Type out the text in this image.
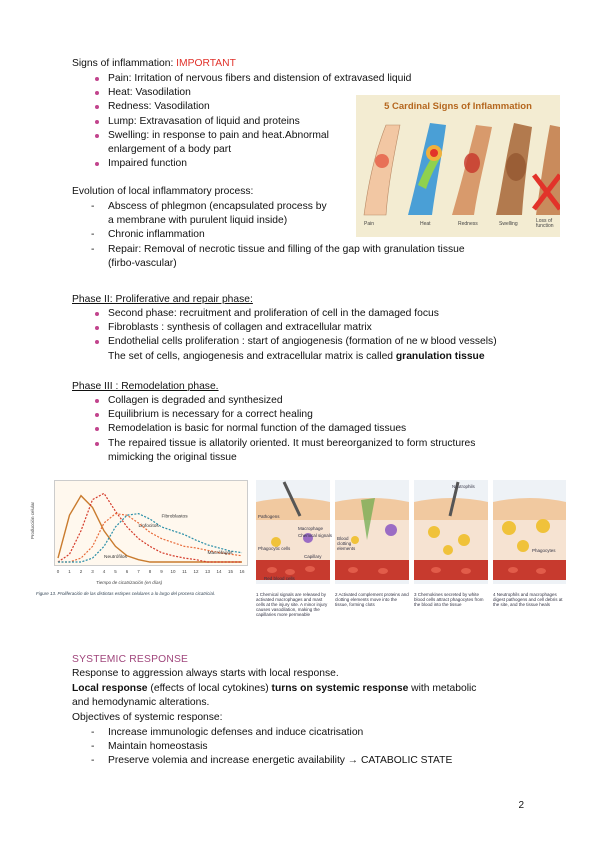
Signs of inflammation: IMPORTANT
Pain: Irritation of nervous fibers and distension of extravased liquid
Heat: Vasodilation
Redness: Vasodilation
Lump: Extravasation of liquid and proteins
Swelling: in response to pain and heat.Abnormal
enlargement of a body part
Impaired function
5 Cardinal Signs of Inflammation
Pain	Heat	Redness	Swelling	Loss of function
Evolution of local inflammatory process:
- Abscess of phlegmon (encapsulated process by
a membrane with purulent liquid inside)
- Chronic inflammation
- Repair: Removal of necrotic tissue and filling of the gap with granulation tissue
(firbo-vascular)
Phase II: Proliferative and repair phase:
Second phase: recruitment and proliferation of cell in the damaged focus
Fibroblasts : synthesis of collagen and extracellular matrix
Endothelial cells proliferation : start of angiogenesis (formation of ne w blood vessels)
The set of cells, angiogenesis and extracellular matrix is called granulation tissue
Phase III : Remodelation phase.
Collagen is degraded and synthesized
Equilibrium is necessary for a correct healing
Remodelation is basic for normal function of the damaged tissues
The repaired tissue is allatorily oriented. It must bereorganized to form structures
mimicking the original tissue
Producción celular
0 1 2 3 4 5 6 7 8 9 10 11 12 13 14 15 16
Fibroblastos
Linfocitos
Neutrófilos
Macrófagos
Tiempo de cicatrización (en días)
Figure 13. Proliferación de las distintas estirpes celulares a lo largo del proceso cicatricial.
Pathogens
Macrophage
Chemical signals
Phagocytic cells
Capillary
Red blood cells
Blood clotting elements
Neutrophils
Phagocytes
1 Chemical signals are released by activated macrophages and mast cells at the injury site. A minor injury causes vasodilation, making the capillaries more permeable
2 Activated complement proteins and clotting elements move into the tissue, forming clots
3 Chemokines secreted by white blood cells attract phagocytes from the blood into the tissue
4 Neutrophils and macrophages digest pathogens and cell debris at the site, and the tissue heals
SYSTEMIC RESPONSE
Response to aggression always starts with local response.
Local response (effects of local cytokines) turns on systemic response with metabolic
and hemodynamic alterations.
Objectives of systemic response:
- Increase immunologic defenses and induce cicatrisation
- Maintain homeostasis
- Preserve volemia and increase energetic availability → CATABOLIC STATE
2
